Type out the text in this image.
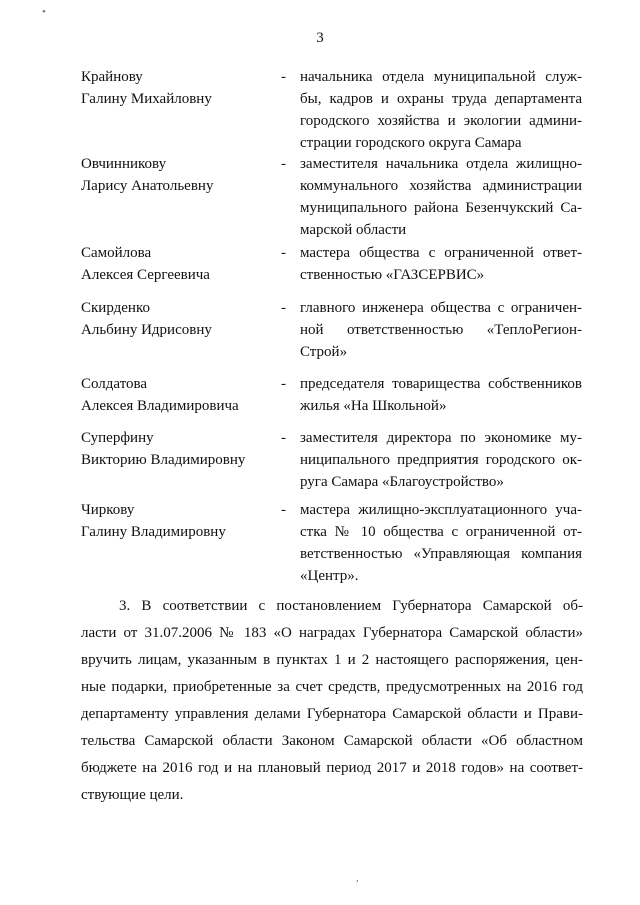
3
•
,
Крайнову
Галину Михайловну
- начальника отдела муниципальной служ-
бы, кадров и охраны труда департамента
городского хозяйства и экологии админи-
страции городского округа Самара
Овчинникову
Ларису Анатольевну
- заместителя начальника отдела жилищно-
коммунального хозяйства администрации
муниципального района Безенчукский Са-
марской области
Самойлова
Алексея Сергеевича
- мастера общества с ограниченной ответ-
ственностью «ГАЗСЕРВИС»
Скирденко
Альбину Идрисовну
- главного инженера общества с ограничен-
ной ответственностью «ТеплоРегион-
Строй»
Солдатова
Алексея Владимировича
- председателя товарищества собственников
жилья «На Школьной»
Суперфину
Викторию Владимировну
- заместителя директора по экономике му-
ниципального предприятия городского ок-
руга Самара «Благоустройство»
Чиркову
Галину Владимировну
- мастера жилищно-эксплуатационного уча-
стка № 10 общества с ограниченной от-
ветственностью «Управляющая компания
«Центр».
3. В соответствии с постановлением Губернатора Самарской об-
ласти от 31.07.2006 № 183 «О наградах Губернатора Самарской области»
вручить лицам, указанным в пунктах 1 и 2 настоящего распоряжения, цен-
ные подарки, приобретенные за счет средств, предусмотренных на 2016 год
департаменту управления делами Губернатора Самарской области и Прави-
тельства Самарской области Законом Самарской области «Об областном
бюджете на 2016 год и на плановый период 2017 и 2018 годов» на соответ-
ствующие цели.
